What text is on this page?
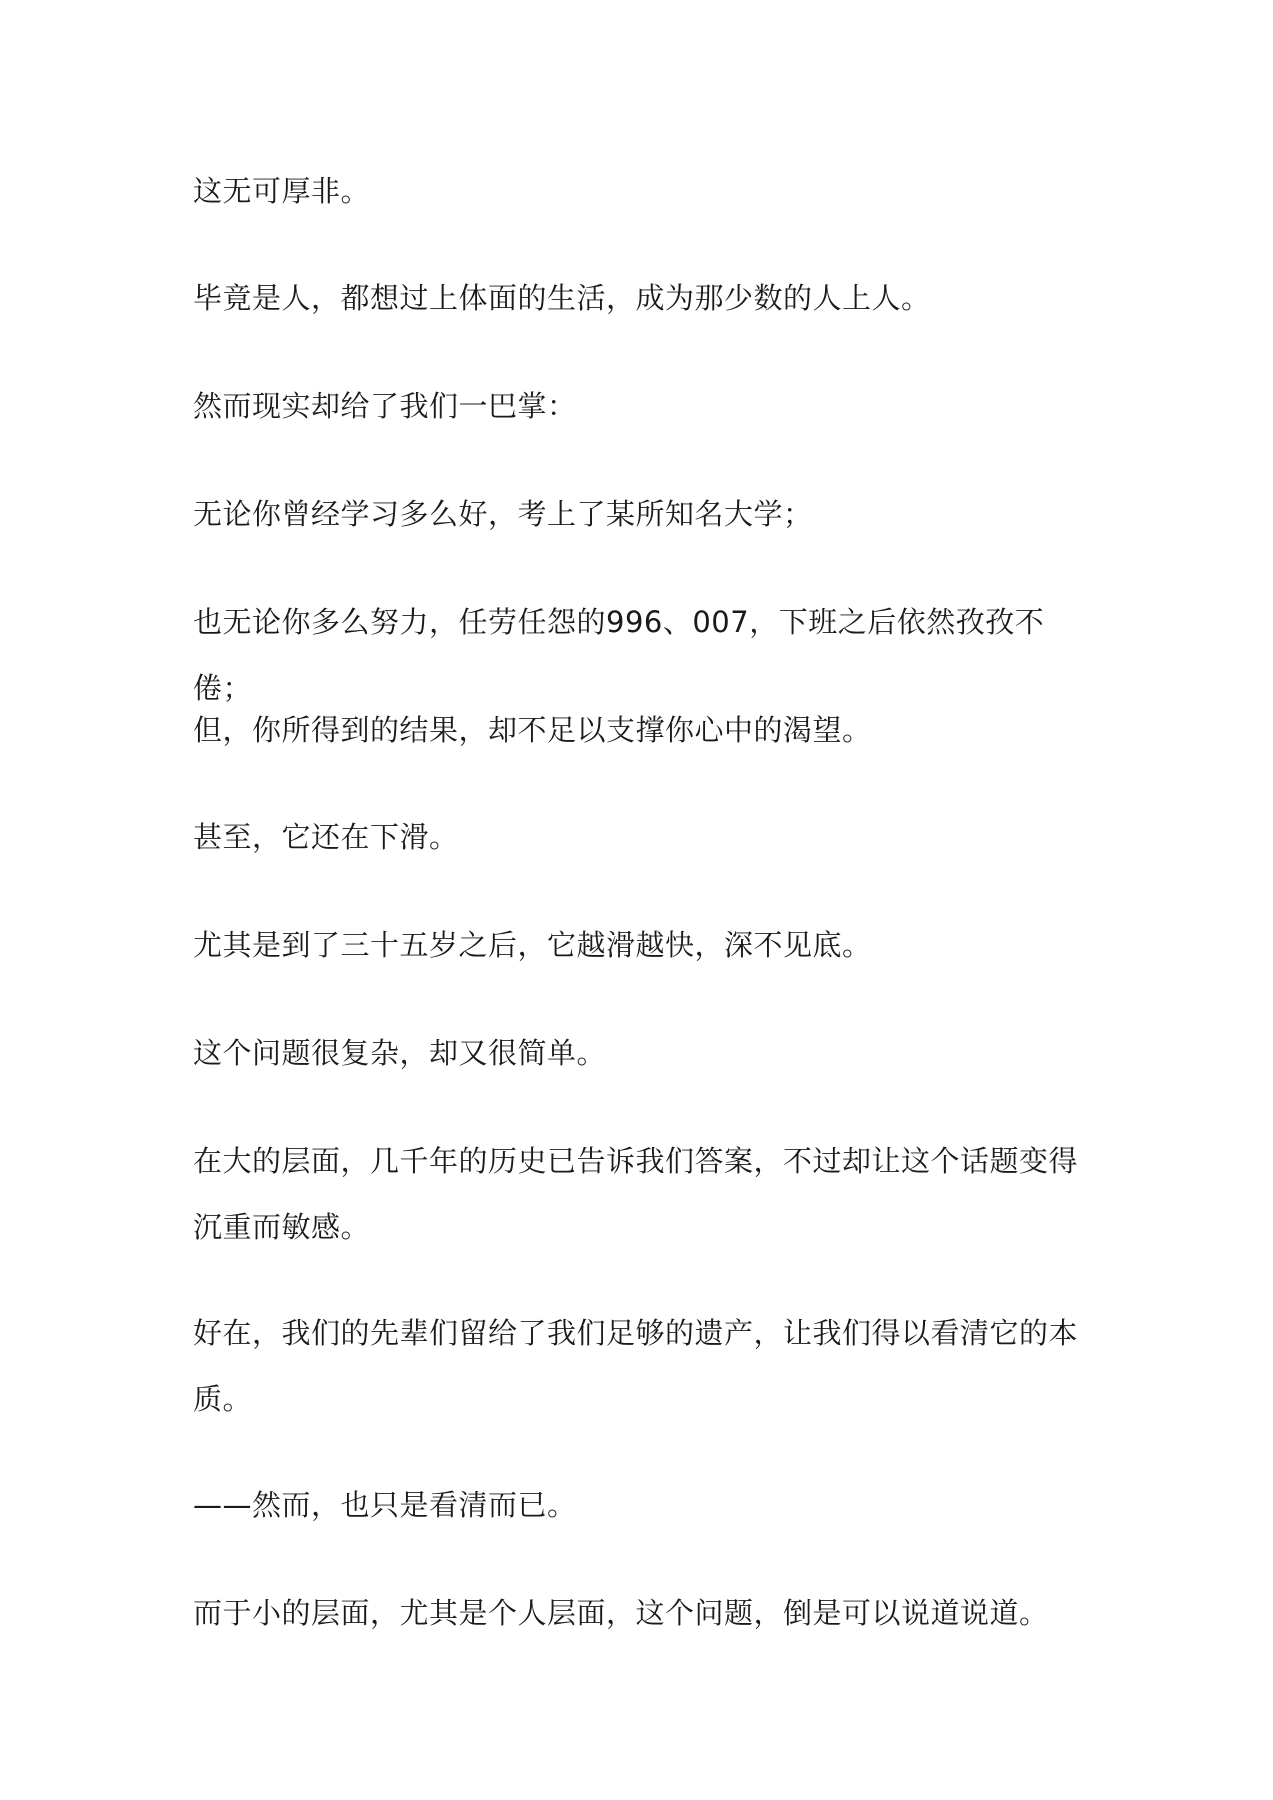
这无可厚非。

毕竟是人，都想过上体面的生活，成为那少数的人上人。

然而现实却给了我们一巴掌：

无论你曾经学习多么好，考上了某所知名大学；

也无论你多么努力，任劳任怨的996、007，下班之后依然孜孜不倦；

但，你所得到的结果，却不足以支撑你心中的渴望。

甚至，它还在下滑。

尤其是到了三十五岁之后，它越滑越快，深不见底。

这个问题很复杂，却又很简单。

在大的层面，几千年的历史已告诉我们答案，不过却让这个话题变得沉重而敏感。

好在，我们的先辈们留给了我们足够的遗产，让我们得以看清它的本质。

——然而，也只是看清而已。

而于小的层面，尤其是个人层面，这个问题，倒是可以说道说道。
